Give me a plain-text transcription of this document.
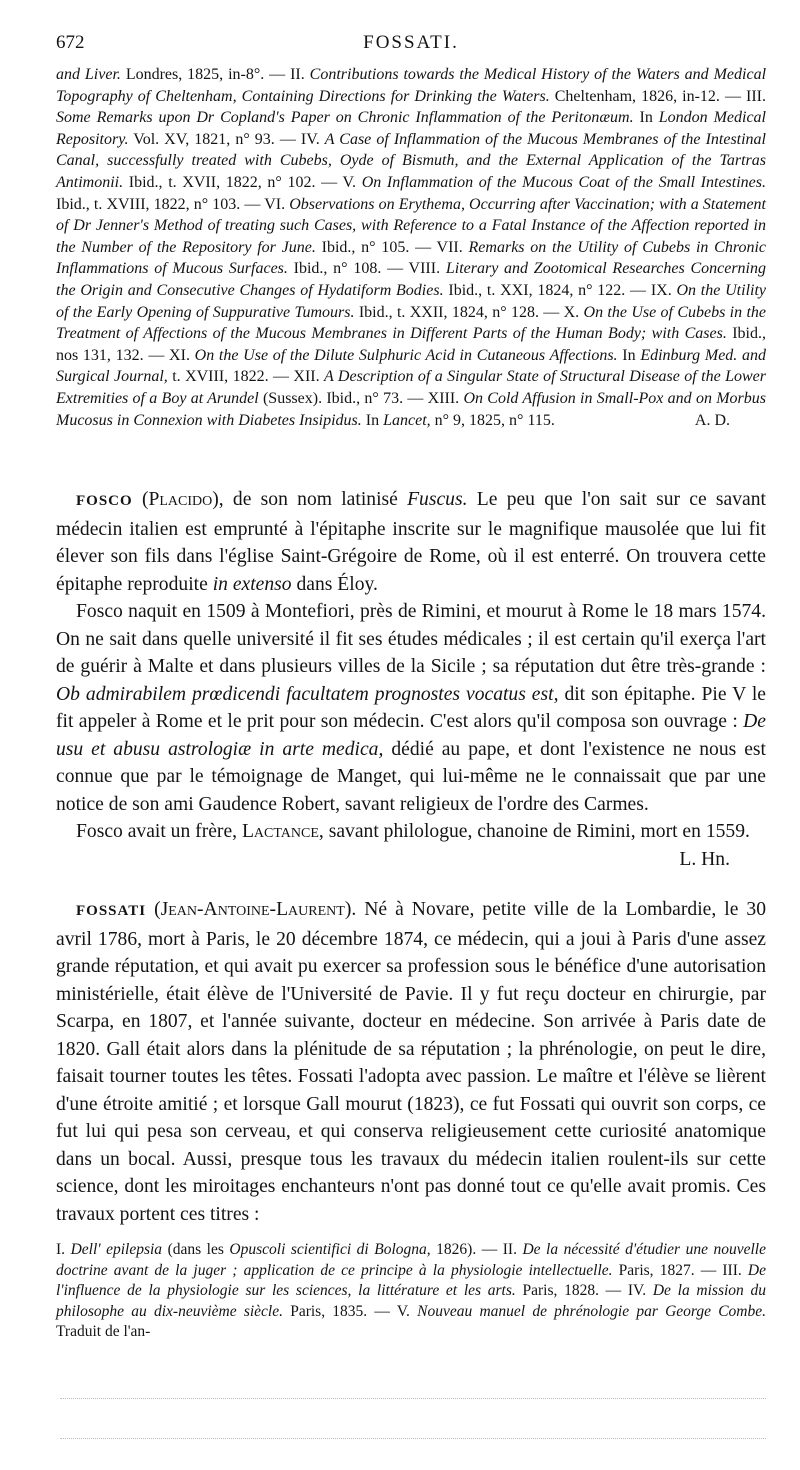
672	FOSSATI.
and Liver. Londres, 1825, in-8°. — II. Contributions towards the Medical History of the Waters and Medical Topography of Cheltenham, Containing Directions for Drinking the Waters. Cheltenham, 1826, in-12. — III. Some Remarks upon Dr Copland's Paper on Chronic Inflammation of the Peritonæum. In London Medical Repository. Vol. XV, 1821, n° 93. — IV. A Case of Inflammation of the Mucous Membranes of the Intestinal Canal, successfully treated with Cubebs, Oyde of Bismuth, and the External Application of the Tartras Antimonii. Ibid., t. XVII, 1822, n° 102. — V. On Inflammation of the Mucous Coat of the Small Intestines. Ibid., t. XVIII, 1822, n° 103. — VI. Observations on Erythema, Occurring after Vaccination; with a Statement of Dr Jenner's Method of treating such Cases, with Reference to a Fatal Instance of the Affection reported in the Number of the Repository for June. Ibid., n° 105. — VII. Remarks on the Utility of Cubebs in Chronic Inflammations of Mucous Surfaces. Ibid., n° 108. — VIII. Literary and Zootomical Researches Concerning the Origin and Consecutive Changes of Hydatiform Bodies. Ibid., t. XXI, 1824, n° 122. — IX. On the Utility of the Early Opening of Suppurative Tumours. Ibid., t. XXII, 1824, n° 128. — X. On the Use of Cubebs in the Treatment of Affections of the Mucous Membranes in Different Parts of the Human Body; with Cases. Ibid., nos 131, 132. — XI. On the Use of the Dilute Sulphuric Acid in Cutaneous Affections. In Edinburg Med. and Surgical Journal, t. XVIII, 1822. — XII. A Description of a Singular State of Structural Disease of the Lower Extremities of a Boy at Arundel (Sussex). Ibid., n° 73. — XIII. On Cold Affusion in Small-Pox and on Morbus Mucosus in Connexion with Diabetes Insipidus. In Lancet, n° 9, 1825, n° 115.	A. D.

FOSCO (Placido), de son nom latinisé Fuscus. Le peu que l'on sait sur ce savant médecin italien est emprunté à l'épitaphe inscrite sur le magnifique mausolée que lui fit élever son fils dans l'église Saint-Grégoire de Rome, où il est enterré. On trouvera cette épitaphe reproduite in extenso dans Éloy.

Fosco naquit en 1509 à Montefiori, près de Rimini, et mourut à Rome le 18 mars 1574. On ne sait dans quelle université il fit ses études médicales ; il est certain qu'il exerça l'art de guérir à Malte et dans plusieurs villes de la Sicile ; sa réputation dut être très-grande : Ob admirabilem prœdicendi facultatem prognostes vocatus est, dit son épitaphe. Pie V le fit appeler à Rome et le prit pour son médecin. C'est alors qu'il composa son ouvrage : De usu et abusu astrologiæ in arte medica, dédié au pape, et dont l'existence ne nous est connue que par le témoignage de Manget, qui lui-même ne le connaissait que par une notice de son ami Gaudence Robert, savant religieux de l'ordre des Carmes.

Fosco avait un frère, Lactance, savant philologue, chanoine de Rimini, mort en 1559.
L. Hn.

FOSSATI (Jean-Antoine-Laurent). Né à Novare, petite ville de la Lombardie, le 30 avril 1786, mort à Paris, le 20 décembre 1874, ce médecin, qui a joui à Paris d'une assez grande réputation, et qui avait pu exercer sa profession sous le bénéfice d'une autorisation ministérielle, était élève de l'Université de Pavie. Il y fut reçu docteur en chirurgie, par Scarpa, en 1807, et l'année suivante, docteur en médecine. Son arrivée à Paris date de 1820. Gall était alors dans la plénitude de sa réputation ; la phrénologie, on peut le dire, faisait tourner toutes les têtes. Fossati l'adopta avec passion. Le maître et l'élève se lièrent d'une étroite amitié ; et lorsque Gall mourut (1823), ce fut Fossati qui ouvrit son corps, ce fut lui qui pesa son cerveau, et qui conserva religieusement cette curiosité anatomique dans un bocal. Aussi, presque tous les travaux du médecin italien roulent-ils sur cette science, dont les miroitages enchanteurs n'ont pas donné tout ce qu'elle avait promis. Ces travaux portent ces titres :

I. Dell' epilepsia (dans les Opuscoli scientifici di Bologna, 1826). — II. De la nécessité d'étudier une nouvelle doctrine avant de la juger ; application de ce principe à la physiologie intellectuelle. Paris, 1827. — III. De l'influence de la physiologie sur les sciences, la littérature et les arts. Paris, 1828. — IV. De la mission du philosophe au dix-neuvième siècle. Paris, 1835. — V. Nouveau manuel de phrénologie par George Combe. Traduit de l'an-
